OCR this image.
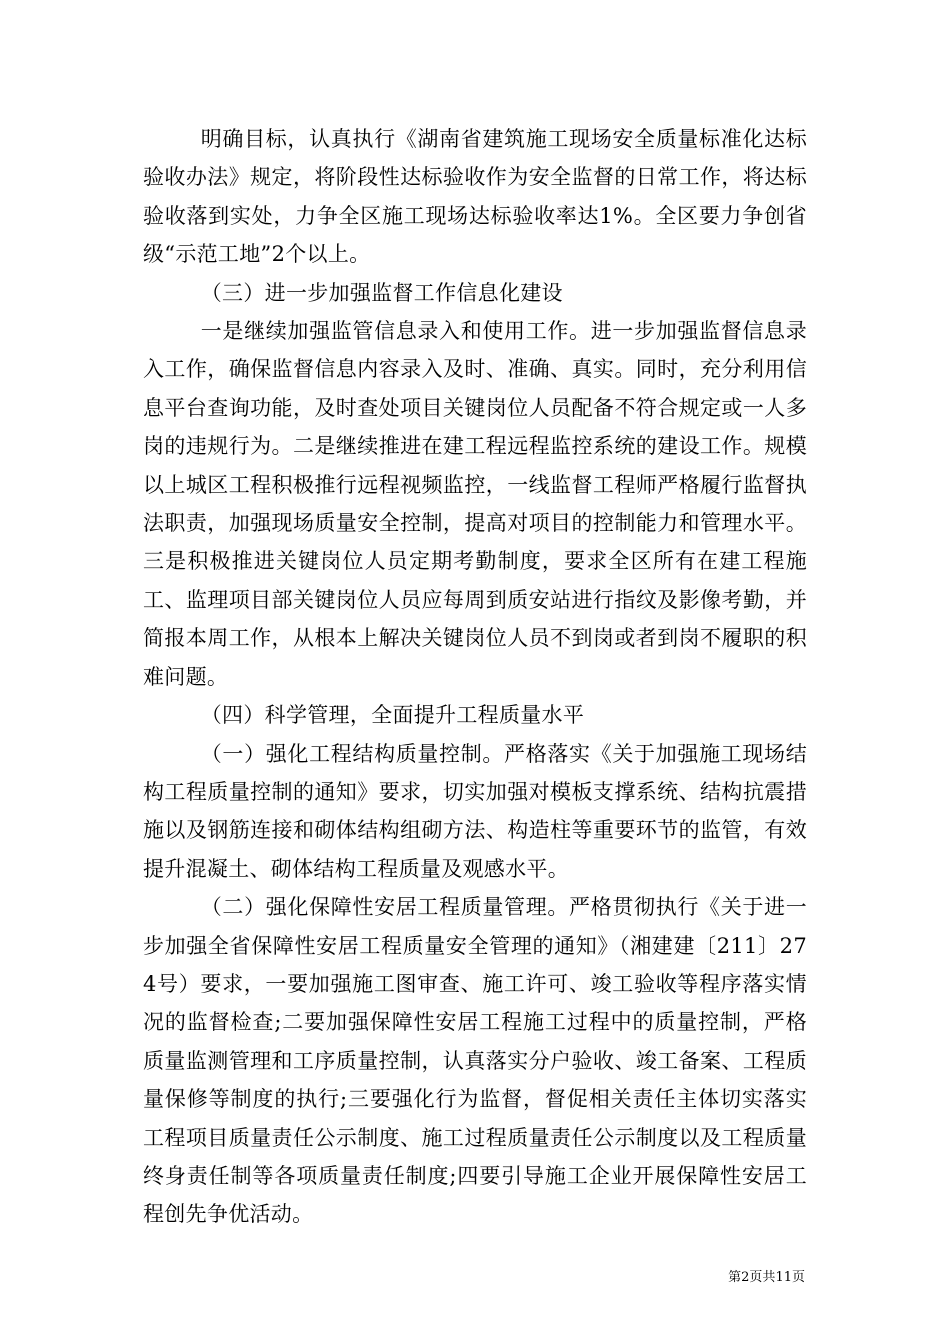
明确目标，认真执行《湖南省建筑施工现场安全质量标准化达标验收办法》规定，将阶段性达标验收作为安全监督的日常工作，将达标验收落到实处，力争全区施工现场达标验收率达1%。全区要力争创省级“示范工地”2个以上。

（三）进一步加强监督工作信息化建设

一是继续加强监管信息录入和使用工作。进一步加强监督信息录入工作，确保监督信息内容录入及时、准确、真实。同时，充分利用信息平台查询功能，及时查处项目关键岗位人员配备不符合规定或一人多岗的违规行为。二是继续推进在建工程远程监控系统的建设工作。规模以上城区工程积极推行远程视频监控，一线监督工程师严格履行监督执法职责，加强现场质量安全控制，提高对项目的控制能力和管理水平。三是积极推进关键岗位人员定期考勤制度，要求全区所有在建工程施工、监理项目部关键岗位人员应每周到质安站进行指纹及影像考勤，并简报本周工作，从根本上解决关键岗位人员不到岗或者到岗不履职的积难问题。

（四）科学管理，全面提升工程质量水平

（一）强化工程结构质量控制。严格落实《关于加强施工现场结构工程质量控制的通知》要求，切实加强对模板支撑系统、结构抗震措施以及钢筋连接和砌体结构组砌方法、构造柱等重要环节的监管，有效提升混凝土、砌体结构工程质量及观感水平。

（二）强化保障性安居工程质量管理。严格贯彻执行《关于进一步加强全省保障性安居工程质量安全管理的通知》（湘建建〔211〕274号）要求，一要加强施工图审查、施工许可、竣工验收等程序落实情况的监督检查;二要加强保障性安居工程施工过程中的质量控制，严格质量监测管理和工序质量控制，认真落实分户验收、竣工备案、工程质量保修等制度的执行;三要强化行为监督，督促相关责任主体切实落实工程项目质量责任公示制度、施工过程质量责任公示制度以及工程质量终身责任制等各项质量责任制度;四要引导施工企业开展保障性安居工程创先争优活动。

第2页共11页
